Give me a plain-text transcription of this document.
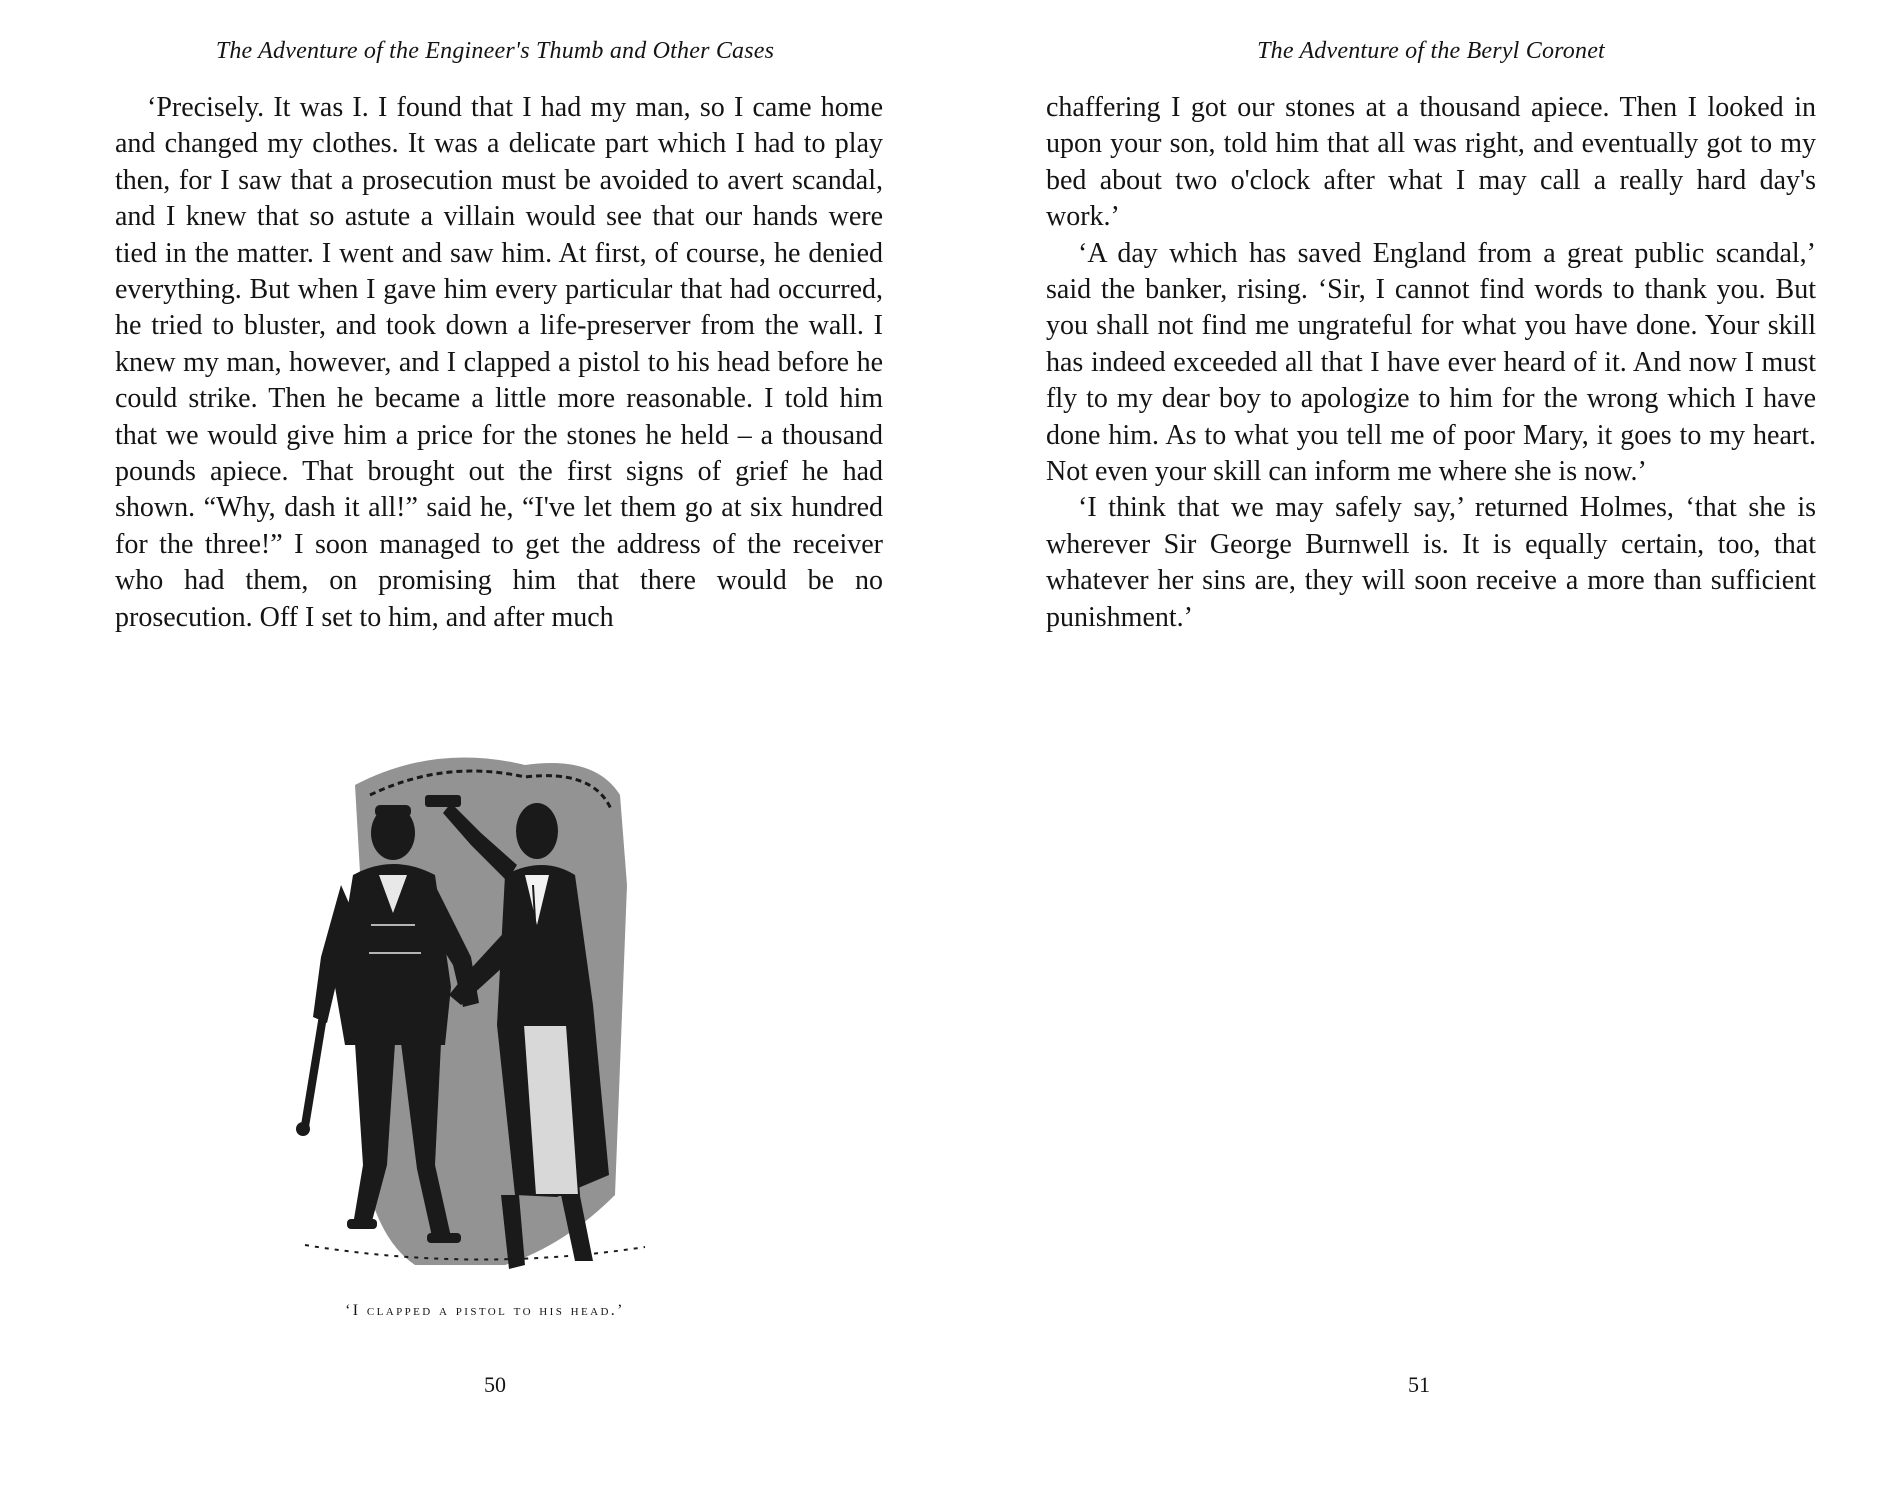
The Adventure of the Engineer's Thumb and Other Cases

‘Precisely. It was I. I found that I had my man, so I came home and changed my clothes. It was a delicate part which I had to play then, for I saw that a prosecution must be avoided to avert scandal, and I knew that so astute a villain would see that our hands were tied in the matter. I went and saw him. At first, of course, he denied everything. But when I gave him every particular that had occurred, he tried to bluster, and took down a life-preserver from the wall. I knew my man, however, and I clapped a pistol to his head before he could strike. Then he became a little more reasonable. I told him that we would give him a price for the stones he held – a thousand pounds apiece. That brought out the first signs of grief he had shown. “Why, dash it all!” said he, “I've let them go at six hundred for the three!” I soon managed to get the address of the receiver who had them, on promising him that there would be no prosecution. Off I set to him, and after much

‘I clapped a pistol to his head.’
50
The Adventure of the Beryl Coronet

chaffering I got our stones at a thousand apiece. Then I looked in upon your son, told him that all was right, and eventually got to my bed about two o'clock after what I may call a really hard day's work.’

‘A day which has saved England from a great public scandal,’ said the banker, rising. ‘Sir, I cannot find words to thank you. But you shall not find me ungrateful for what you have done. Your skill has indeed exceeded all that I have ever heard of it. And now I must fly to my dear boy to apologize to him for the wrong which I have done him. As to what you tell me of poor Mary, it goes to my heart. Not even your skill can inform me where she is now.’

‘I think that we may safely say,’ returned Holmes, ‘that she is wherever Sir George Burnwell is. It is equally certain, too, that whatever her sins are, they will soon receive a more than sufficient punishment.’

51
